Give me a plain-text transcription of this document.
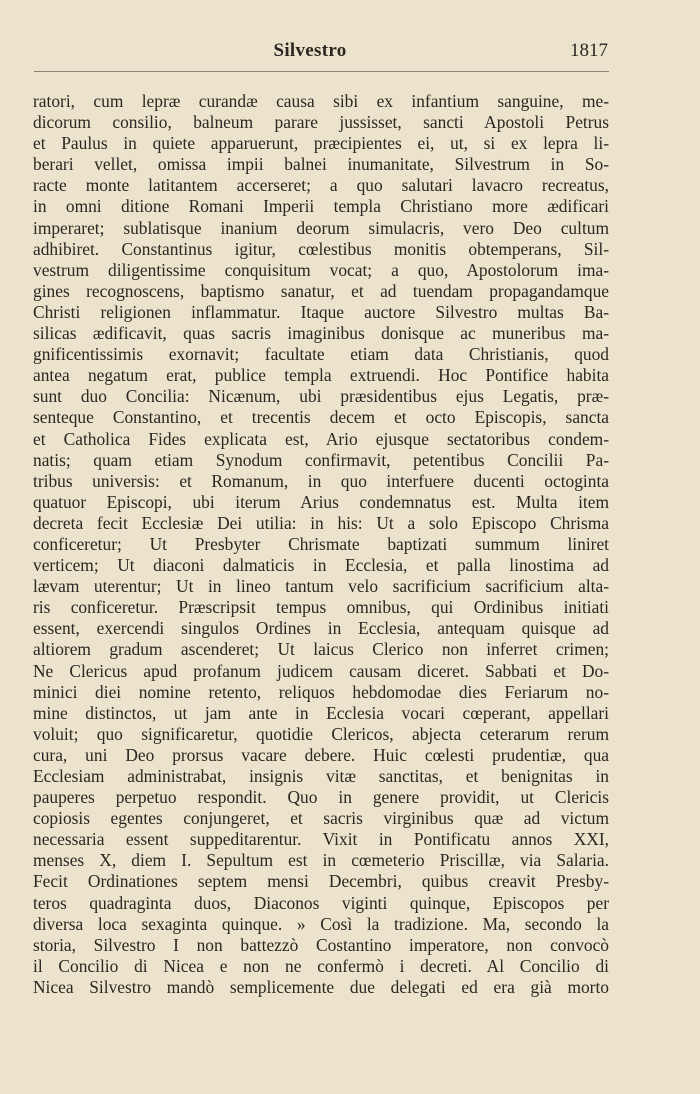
Silvestro	1817
ratori, cum lepræ curandæ causa sibi ex infantium sanguine, me-
dicorum consilio, balneum parare jussisset, sancti Apostoli Petrus
et Paulus in quiete apparuerunt, præcipientes ei, ut, si ex lepra li-
berari vellet, omissa impii balnei inumanitate, Silvestrum in So-
racte monte latitantem accerseret; a quo salutari lavacro recreatus,
in omni ditione Romani Imperii templa Christiano more ædificari
imperaret; sublatisque inanium deorum simulacris, vero Deo cultum
adhibiret. Constantinus igitur, cœlestibus monitis obtemperans, Sil-
vestrum diligentissime conquisitum vocat; a quo, Apostolorum ima-
gines recognoscens, baptismo sanatur, et ad tuendam propagandamque
Christi religionen inflammatur. Itaque auctore Silvestro multas Ba-
silicas ædificavit, quas sacris imaginibus donisque ac muneribus ma-
gnificentissimis exornavit; facultate etiam data Christianis, quod
antea negatum erat, publice templa extruendi. Hoc Pontifice habita
sunt duo Concilia: Nicænum, ubi præsidentibus ejus Legatis, præ-
senteque Constantino, et trecentis decem et octo Episcopis, sancta
et Catholica Fides explicata est, Ario ejusque sectatoribus condem-
natis; quam etiam Synodum confirmavit, petentibus Concilii Pa-
tribus universis: et Romanum, in quo interfuere ducenti octoginta
quatuor Episcopi, ubi iterum Arius condemnatus est. Multa item
decreta fecit Ecclesiæ Dei utilia: in his: Ut a solo Episcopo Chrisma
conficeretur; Ut Presbyter Chrismate baptizati summum liniret
verticem; Ut diaconi dalmaticis in Ecclesia, et palla linostima ad
lævam uterentur; Ut in lineo tantum velo sacrificium sacrificium alta-
ris conficeretur. Præscripsit tempus omnibus, qui Ordinibus initiati
essent, exercendi singulos Ordines in Ecclesia, antequam quisque ad
altiorem gradum ascenderet; Ut laicus Clerico non inferret crimen;
Ne Clericus apud profanum judicem causam diceret. Sabbati et Do-
minici diei nomine retento, reliquos hebdomodae dies Feriarum no-
mine distinctos, ut jam ante in Ecclesia vocari cœperant, appellari
voluit; quo significaretur, quotidie Clericos, abjecta ceterarum rerum
cura, uni Deo prorsus vacare debere. Huic cœlesti prudentiæ, qua
Ecclesiam administrabat, insignis vitæ sanctitas, et benignitas in
pauperes perpetuo respondit. Quo in genere providit, ut Clericis
copiosis egentes conjungeret, et sacris virginibus quæ ad victum
necessaria essent suppeditarentur. Vixit in Pontificatu annos XXI,
menses X, diem I. Sepultum est in cœmeterio Priscillæ, via Salaria.
Fecit Ordinationes septem mensi Decembri, quibus creavit Presby-
teros quadraginta duos, Diaconos viginti quinque, Episcopos per
diversa loca sexaginta quinque. » Così la tradizione. Ma, secondo la
storia, Silvestro I non battezzò Costantino imperatore, non convocò
il Concilio di Nicea e non ne confermò i decreti. Al Concilio di
Nicea Silvestro mandò semplicemente due delegati ed era già morto
